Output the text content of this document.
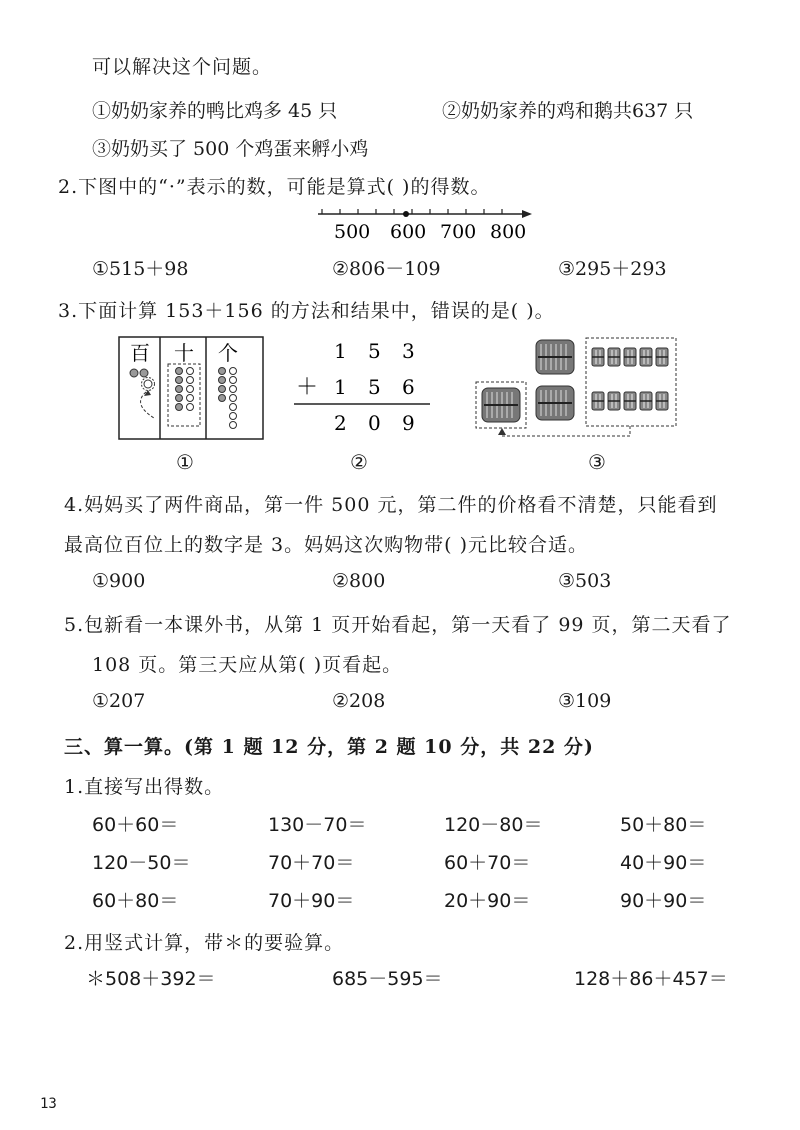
可以解决这个问题。
①奶奶家养的鸭比鸡多 45 只	②奶奶家养的鸡和鹅共637 只
③奶奶买了 500 个鸡蛋来孵小鸡
2.下图中的“·”表示的数，可能是算式( )的得数。
500 600 700 800
①515＋98	②806－109	③295＋293
3.下面计算 153＋156 的方法和结果中，错误的是( )。
百 十 个
①
1 5 3
＋ 1 5 6
2 0 9
②	③
4.妈妈买了两件商品，第一件 500 元，第二件的价格看不清楚，只能看到
最高位百位上的数字是 3。妈妈这次购物带( )元比较合适。
①900	②800	③503
5.包新看一本课外书，从第 1 页开始看起，第一天看了 99 页，第二天看了
108 页。第三天应从第( )页看起。
①207	②208	③109
三、算一算。(第 1 题 12 分，第 2 题 10 分，共 22 分)
1.直接写出得数。
60＋60＝	130－70＝	120－80＝	50＋80＝
120－50＝	70＋70＝	60＋70＝	40＋90＝
60＋80＝	70＋90＝	20＋90＝	90＋90＝
2.用竖式计算，带＊的要验算。
＊508＋392＝	685－595＝	128＋86＋457＝
13
